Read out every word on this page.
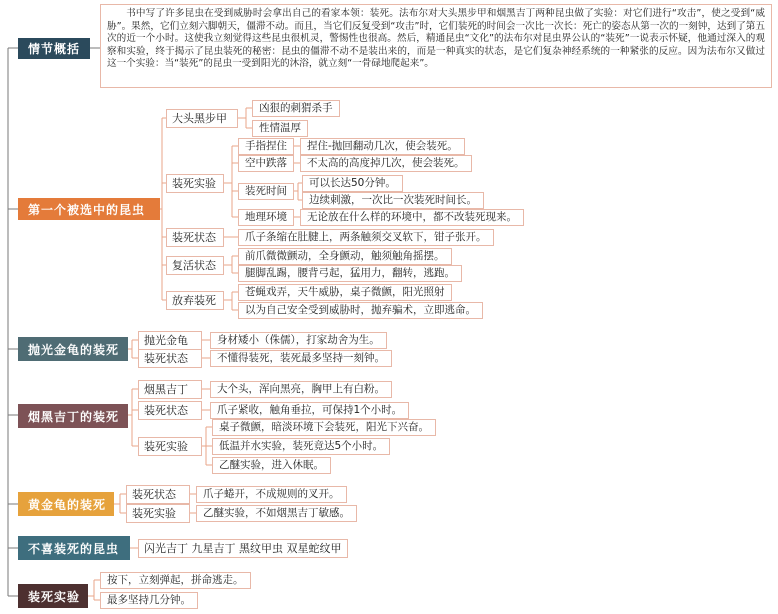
情节概括
书中写了许多昆虫在受到威胁时会拿出自己的看家本领：装死。法布尔对大头黑步甲和烟黑吉丁两种昆虫做了实验：对它们进行“攻击”，使之受到“威胁”。果然，它们立刻六脚朝天，僵滞不动。而且，当它们反复受到“攻击”时，它们装死的时间会一次比一次长：死亡的姿态从第一次的一刻钟，达到了第五次的近一个小时。这使我立刻觉得这些昆虫很机灵，警惕性也很高。然后，精通昆虫“文化”的法布尔对昆虫界公认的“装死”一说表示怀疑，他通过深入的观察和实验，终于揭示了昆虫装死的秘密：昆虫的僵滞不动不是装出来的，而是一种真实的状态，是它们复杂神经系统的一种紧张的反应。因为法布尔又做过这一个实验：当“装死”的昆虫一受到阳光的沐浴，就立刻“一骨碌地爬起来”。
第一个被选中的昆虫
抛光金龟的装死
烟黑吉丁的装死
黄金龟的装死
不喜装死的昆虫
装死实验
大头黑步甲
凶狠的刺猬杀手
性情温厚
装死实验
手指捏住	捏住-抛回翻动几次，使会装死。
空中跌落	不太高的高度掉几次，使会装死。
装死时间
可以长达50分钟。
边续刺激，一次比一次装死时间长。
地理环境	无论放在什么样的环境中，都不改装死现来。
装死状态	爪子条缩在肚腱上，两条触须交叉软下，钳子张开。
复活状态
前爪微微颤动，全身颤动，触须触角摇摆。
腿脚乱踢，腰背弓起，猛用力，翻转，逃跑。
放弃装死
苍蝇戏弄，天牛威胁，桌子微颤，阳光照射
以为自己安全受到威胁时，抛弃骗术，立即逃命。
抛光金龟	身材矮小（侏儒），打家劫舍为生。
装死状态	不懂得装死，装死最多坚持一刻钟。
烟黑吉丁	大个头，浑向黑亮，胸甲上有白粉。
装死状态	爪子紧收，触角垂拉，可保持1个小时。
装死实验
桌子微颤，暗淡环境下会装死，阳光下兴奋。
低温并水实验，装死竟达5个小时。
乙醚实验，进入休眠。
装死状态	爪子蜷开，不成规则的叉开。
装死实验	乙醚实验，不如烟黑吉丁敏感。
闪光吉丁 九星吉丁 黑纹甲虫 双星蛇纹甲
按下，立刻弹起，拼命逃走。
最多坚持几分钟。
